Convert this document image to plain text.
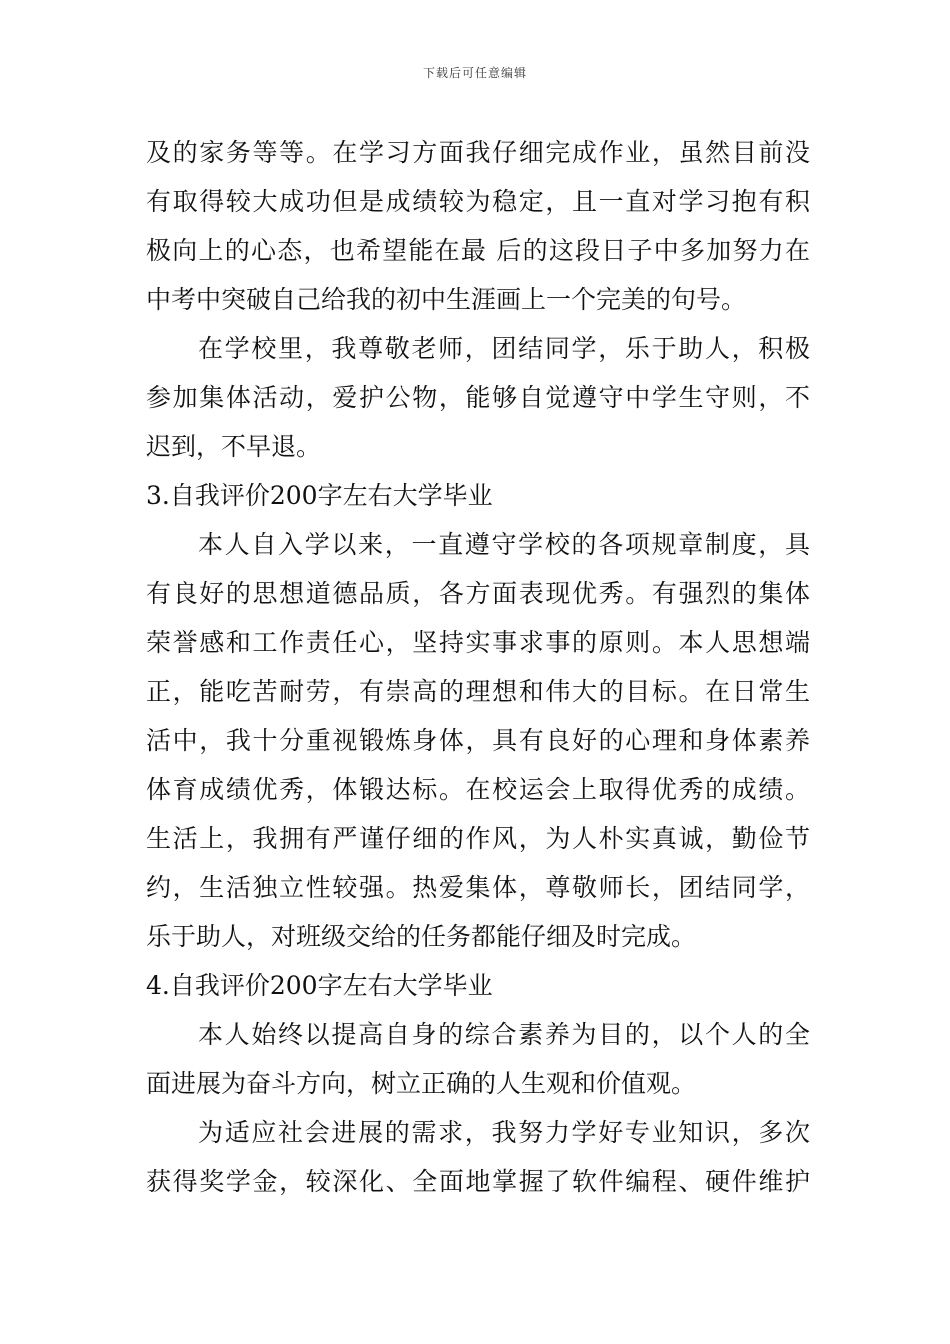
下载后可任意编辑
及的家务等等。在学习方面我仔细完成作业，虽然目前没
有取得较大成功但是成绩较为稳定，且一直对学习抱有积
极向上的心态，也希望能在最 后的这段日子中多加努力在
中考中突破自己给我的初中生涯画上一个完美的句号。
在学校里，我尊敬老师，团结同学，乐于助人，积极
参加集体活动，爱护公物，能够自觉遵守中学生守则，不
迟到，不早退。
3.自我评价200字左右大学毕业
本人自入学以来，一直遵守学校的各项规章制度，具
有良好的思想道德品质，各方面表现优秀。有强烈的集体
荣誉感和工作责任心，坚持实事求事的原则。本人思想端
正，能吃苦耐劳，有崇高的理想和伟大的目标。在日常生
活中，我十分重视锻炼身体，具有良好的心理和身体素养
体育成绩优秀，体锻达标。在校运会上取得优秀的成绩。
生活上，我拥有严谨仔细的作风，为人朴实真诚，勤俭节
约，生活独立性较强。热爱集体，尊敬师长，团结同学，
乐于助人，对班级交给的任务都能仔细及时完成。
4.自我评价200字左右大学毕业
本人始终以提高自身的综合素养为目的，以个人的全
面进展为奋斗方向，树立正确的人生观和价值观。
为适应社会进展的需求，我努力学好专业知识，多次
获得奖学金，较深化、全面地掌握了软件编程、硬件维护
